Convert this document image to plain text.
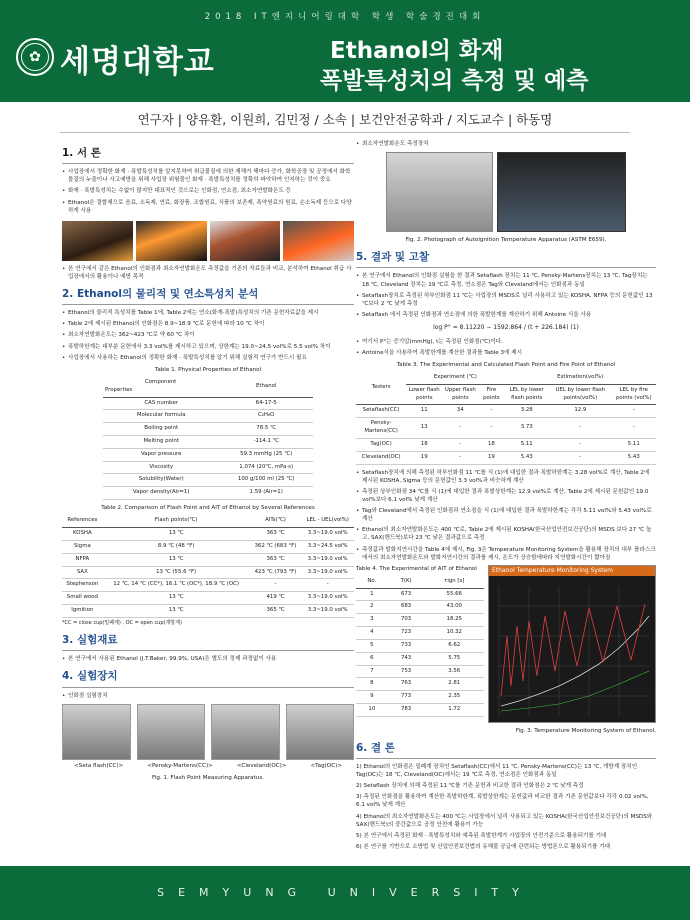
2018 IT엔지니어링대학 학생 학술경진대회
✿ 세명대학교	Ethanol의 화재
폭발특성치의 측정 및 예측
연구자 | 양유환, 이원희, 김민정 / 소속 | 보건안전공학과 / 지도교수 | 하동명
1. 서 론
• 사업장에서 정확한 화재 · 폭발특성치를 알지못하여 취급물질에 의한 재해가 해마다 증가, 화학공장 및 공정에서 화학물질의 누출이나 사고예방을 위해 사업장 위험물인 화재 · 폭발특성치를 정확히 파악하여 인지하는 것이 중요
• 화재 · 폭발특성치는 수없이 많지만 대표적인 것으로는 인화점, 연소점, 최소자연발화온도 등
• Ethanol은 결합체으로 음료, 소독제, 연료, 화장품, 조합원료, 식품의 보존제, 폭약원료의 원료, 손소독제 등으로 다양하게 사용
• 본 연구에서 같은 Ethanol의 인화점과 최소자연발화온도 측정값을 기존의 자료들과 비교, 분석하여 Ethanol 취급 사업장에서의 활용이나 예방 목적
2. Ethanol의 물리적 및 연소특성치 분석
• Ethanol의 물리적 특성치를 Table 1에, Table 2에는 연소(화재·폭발)특성치의 기존 문헌자료값을 제시
• Table 2에 제시된 Ethanol의 인화점은 8.9~18.9 ℃로 문헌에 따라 10 ℃ 차이
• 최소자연발화온도는 362~423 ℃로 약 60 ℃ 차이
• 폭발하한계는 대부분 문헌에서 3.3 vol%를 제시하고 있으며, 상한계는 19.0~24.5 vol%로 5.5 vol% 차이
• 사업장에서 사용하는 Ethanol의 정확한 화재 · 폭발특성치를 알기 위해 실험적 연구가 반드시 필요
Table 1. Physical Properties of Ethanol
Component
Properties	Ethanol
CAS number	64-17-5
Molecular formula	C₂H₆O
Boiling point	78.5 ℃
Melting point	-114.1 ℃
Vapor pressure	59.3 mmHg (25 ℃)
Viscosity	1.074 (20℃, mPa·s)
Solubility(Water)	100 g/100 ml (25 ℃)
Vapor density(Air=1)	1.59 (Air=1)
Table 2. Comparison of Flash Point and AIT of Ethanol by Several References
References	Flash points(℃)	AITs(℃)	LEL - UEL(vol%)
KOSHA	13 ℃	363 ℃	3.3~19.0 vol%
Sigma	8.9 ℃ (48 °F)	362 ℃ (683 °F)	3.3~24.5 vol%
NFPA	13 ℃	363 ℃	3.3~19.0 vol%
SAX	13 ℃ (55.6 °F)	423 ℃ (793 °F)	3.3~19.0 vol%
Stephenson	12 ℃, 14 ℃ (CC*), 16.1 ℃ (OC*), 18.9 ℃ (OC)	-	-
Small wood	13 ℃	419 ℃	3.3~19.0 vol%
Igmition	13 ℃	365 ℃	3.3~19.0 vol%
*CC = close cup(밀폐계) , OC = open cup(개방계)
3. 실험재료
• 본 연구에서 사용된 Ethanol (J.T.Baker, 99.9%, USA)은 별도의 정제 과정없이 사용
4. 실험장치
• 인화점 실험장치
<Seta flash(CC)>	<Pensky-Martens(CC)>	<Cleveland(OC)>	<Tag(OC)>
Fig. 1. Flash Point Measuring Apparatus.
• 최소자연발화온도 측정장치
Fig. 2. Photograph of Autoignition Temperature Apparatus (ASTM E659).
5. 결과 및 고찰
• 본 연구에서 Ethanol의 인화점 실험을 한 결과 Setaflash 장치는 11 ℃, Pensky-Martens장치는 13 ℃, Tag장치는 18 ℃, Cleveland 장치는 19 ℃로 측정, 연소점은 Tag와 Cleveland에서는 인화점과 동일
• Setaflash장치로 측정된 하부인화점 11 ℃는 사업장의 MSDS로 널리 사용하고 있는 KOSHA, NFPA 등의 문헌값인 13 ℃보다 2 ℃ 낮게 측정
• Setaflash 에서 측정된 인화점과 연소점에 의한 폭발한계를 계산하기 위해 Antoine 식을 사용
log P° = 8.11220 − 1592.864 / (t + 226.184) (1)
• 여기서 P°는 증기압(mmHg), t는 측정된 인화점(℃)이다.
• Antoine식을 사용하여 폭발한계를 계산한 결과를 Table 3에 제시
Table 3. The Experimental and Calculated Flash Point and Fire Point of Ethanol
Testers	Experiment (℃)			Estimation(vol%)		
	Lower flash points	Upper flash points	Fire points	LEL by lower flash points	UEL by lower flash points(vol%)	LEL by fire points (vol%)
Setaflash(CC)	11	34	-	3.28	12.9	-
Pensky-Martens(CC)	13	-	-	3.73	-	-
Tag(OC)	18	-	18	5.11	-	5.11
Cleveland(OC)	19	-	19	5.43	-	5.43
• Setaflash장치에 의해 측정된 하부인화점 11 ℃를 식 (1)에 대입한 결과 폭발하한계는 3.28 vol%로 계산, Table 2에 제시된 KOSHA, Sigma 등의 문헌값인 3.3 vol%과 비슷하게 계산
• 측정된 상부인화점 34 ℃를 식 (1)에 대입한 결과 폭발상한계는 12.9 vol%로 계산, Table 2에 제시된 문헌값인 19.0 vol%보다 6.1 vol% 낮게 계산
• Tag와 Cleveland에서 측정된 인화점과 연소점을 식 (1)에 대입한 결과 폭발하한계는 각각 5.11 vol%와 5.43 vol%로 계산
• Ethanol의 최소자연발화온도는 400 ℃로, Table 2에 제시된 KOSHA(한국산업안전보건공단)의 MSDS 보다 27 ℃ 높고, SAX(핸드북)보다 23 ℃ 낮은 결과값으로 측정
• 측정값과 발화지연시간을 Table 4에 제시, Fig. 3은 Temperature Monitoring System을 활용해 장치의 내부 플라스크에서의 최소자연발화온도와 발화지연시간의 결과를 제시, 온도가 상승함에따라 지연발화시간이 짧아짐
Table 4. The Experimental of AIT of Ethanol
No.	T(K)	τign [s]
1	673	55.66
2	683	43.00
3	703	18.25
4	723	10.32
5	733	6.62
6	743	5.75
7	753	3.56
8	763	2.81
9	773	2.35
10	783	1.72
Ethanol Temperature Monitoring System
Fig. 3. Temperature Monitoring System of Ethanol.
6. 결 론
1) Ethanol의 인화점은 밀폐계 장치인 Setaflash(CC)에서 11 ℃, Pensky-Martens(CC)는 13 ℃, 개방계 장치인 Tag(OC)는 18 ℃, Cleveland(OC)에서는 19 ℃로 측정, 연소점은 인화점과 동일
2) Setaflash 장치에 의해 측정된 11 ℃를 기존 문헌과 비교한 결과 인화점은 2 ℃ 낮게 측정
3) 측정된 인화점을 활용하여 계산한 폭발하한계, 폭발상한계는 문헌값과 비교한 결과 기존 문헌값보다 각각 0.02 vol%, 6.1 vol% 낮게 계산
4) Ethanol의 최소자연발화온도는 400 ℃는 사업장에서 널리 사용되고 있는 KOSHA(한국산업안전보건공단)의 MSDS와 SAX(핸드북)의 중간값으로 공정 안전에 활용이 가능
5) 본 연구에서 측정된 화재 · 폭발특성치와 예측된 폭발한계가 사업장의 안전기준으로 활용되기를 기대
6) 본 연구를 기반으로 소방법 및 산업안전보건법의 유해물 공급에 관련되는 방법론으로 활용되기를 기대
SEMYUNG UNIVERSITY
